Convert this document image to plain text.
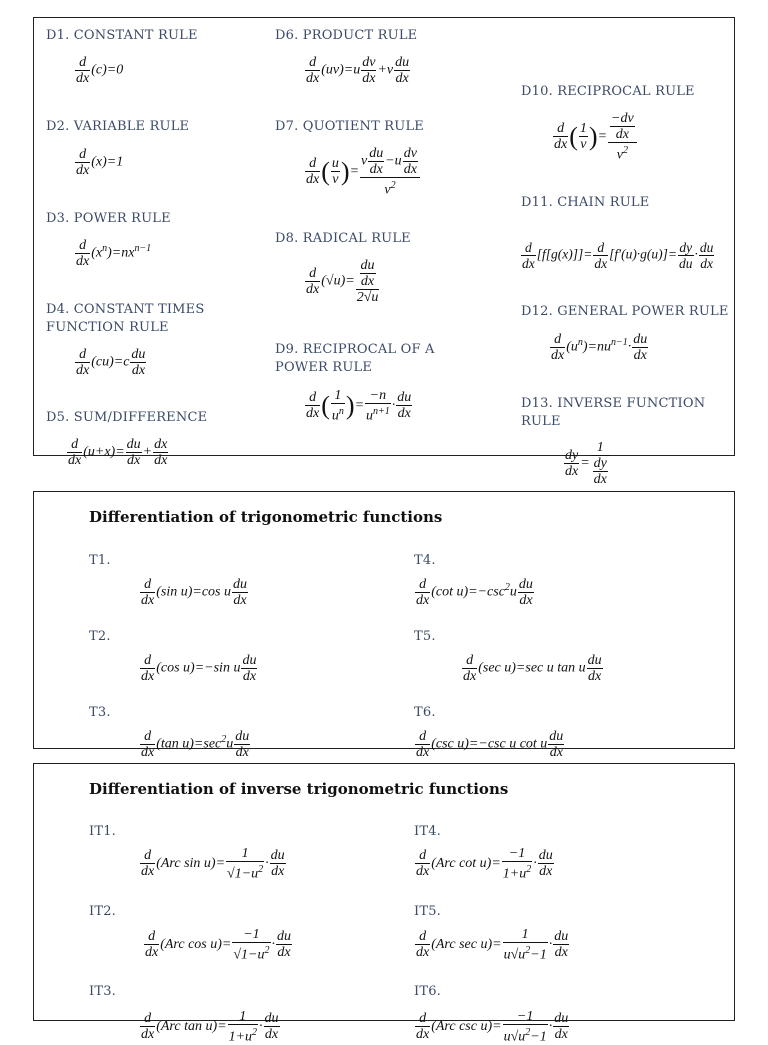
D1. CONSTANT RULE
$\frac{d}{dx} (c)=0$
D2. VARIABLE RULE
$\frac{d}{dx} (x)=1$
D3. POWER RULE
$\frac{d}{dx} (x^n)=nx^{n-1}$
D4. CONSTANT TIMES FUNCTION RULE
$\frac{d}{dx} (cu)=c \frac{du}{dx}$
D5. SUM/DIFFERENCE
$\frac{d}{dx} (u+x)= \frac{du}{dx} + \frac{dx}{dx}$
D6. PRODUCT RULE
$\frac{d}{dx} (uv)=u \frac{dv}{dx} +v \frac{du}{dx}$
D7. QUOTIENT RULE
$\frac{d}{dx}$ ( $\frac{u}{v}$ )= $\frac{v \frac{du}{dx} -u \frac{dv}{dx}}{v^2}$
D8. RADICAL RULE
$\frac{d}{dx} (√u)= \frac{\frac{du}{dx}}{2√u}$
D9. RECIPROCAL OF A POWER RULE
$\frac{d}{dx}$ ( $\frac{1}{u^n}$ )= $\frac{-n}{u^{n+1}} \cdot \frac{du}{dx}$
D10. RECIPROCAL RULE
$\frac{d}{dx}$ ( $\frac{1}{v}$ )= $\frac{\frac{-dv}{dx}}{v^2}$
D11. CHAIN RULE
$\frac{d}{dx} [f[g(x)]]= \frac{d}{dx} [f'(u)\cdot g(u)]= \frac{dy}{du} \cdot \frac{du}{dx}$
D12. GENERAL POWER RULE
$\frac{d}{dx} (u^n)=nu^{n-1}\cdot \frac{du}{dx}$
D13. INVERSE FUNCTION RULE
$\frac{dy}{dx} = \frac{1}{\frac{dy}{dx}}$
Differentiation of trigonometric functions
T1.
$\frac{d}{dx} (\sin$ u)=cos u $\frac{du}{dx}$
T2.
$\frac{d}{dx} (\cos$ u)=−sin u $\frac{du}{dx}$
T3.
$\frac{d}{dx} (\tan$ $u)=\sec^2u \frac{du}{dx}$
T4.
$\frac{d}{dx} (\cot$ $u)=-\csc^2u \frac{du}{dx}$
T5.
$\frac{d}{dx} (\sec$ u)=sec u tan u $\frac{du}{dx}$
T6.
$\frac{d}{dx} (\csc$ u)=−csc u cot u $\frac{du}{dx}$
Differentiation of inverse trigonometric functions
IT1.
$\frac{d}{dx} (Arc$ $\sin u)= \frac{1}{√1-u^2} \cdot \frac{du}{dx}$
IT2.
$\frac{d}{dx} (Arc$ $\cos u)= \frac{-1}{√1-u^2} \cdot \frac{du}{dx}$
IT3.
$\frac{d}{dx} (Arc$ $\tan u)= \frac{1}{1+u^2} \cdot \frac{du}{dx}$
IT4.
$\frac{d}{dx} (Arc$ $\cot u)= \frac{-1}{1+u^2} \cdot \frac{du}{dx}$
IT5.
$\frac{d}{dx} (Arc$ $\sec u)= \frac{1}{u√u^2-1} \cdot \frac{du}{dx}$
IT6.
$\frac{d}{dx} (Arc$ $\csc u)= \frac{-1}{u√u^2-1} \cdot \frac{du}{dx}$
